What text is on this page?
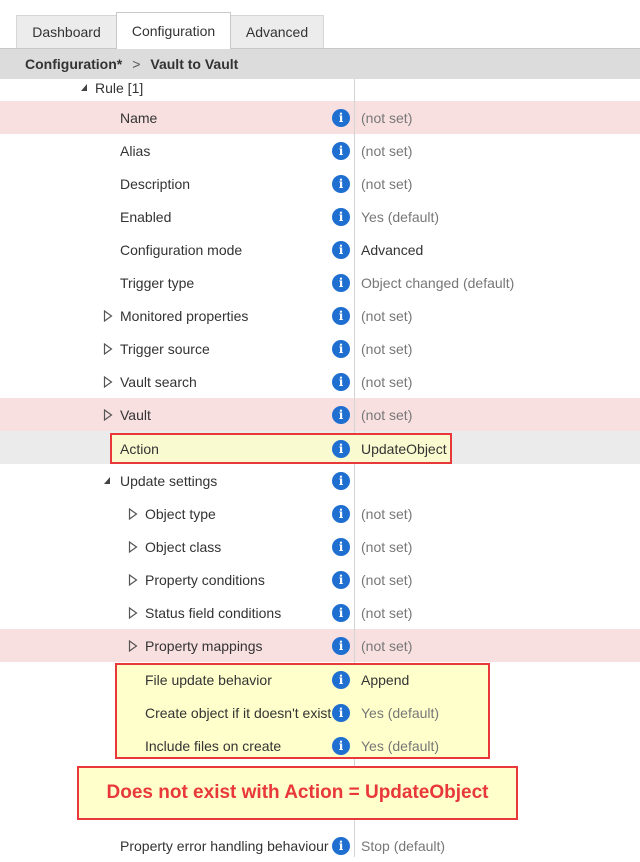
Dashboard	Configuration	Advanced
Configuration* > Vault to Vault
Rule [1]
Name	i	(not set)
Alias	i	(not set)
Description	i	(not set)
Enabled	i	Yes (default)
Configuration mode	i	Advanced
Trigger type	i	Object changed (default)
Monitored properties	i	(not set)
Trigger source	i	(not set)
Vault search	i	(not set)
Vault	i	(not set)
Update settings	i
Object type	i	(not set)
Object class	i	(not set)
Property conditions	i	(not set)
Status field conditions	i	(not set)
Property mappings	i	(not set)
Property error handling behaviour i	Stop (default)
Action	i	UpdateObject
File update behavior	i	Append
Create object if it doesn't exist i	Yes (default)
Include files on create	i	Yes (default)
Does not exist with Action = UpdateObject
